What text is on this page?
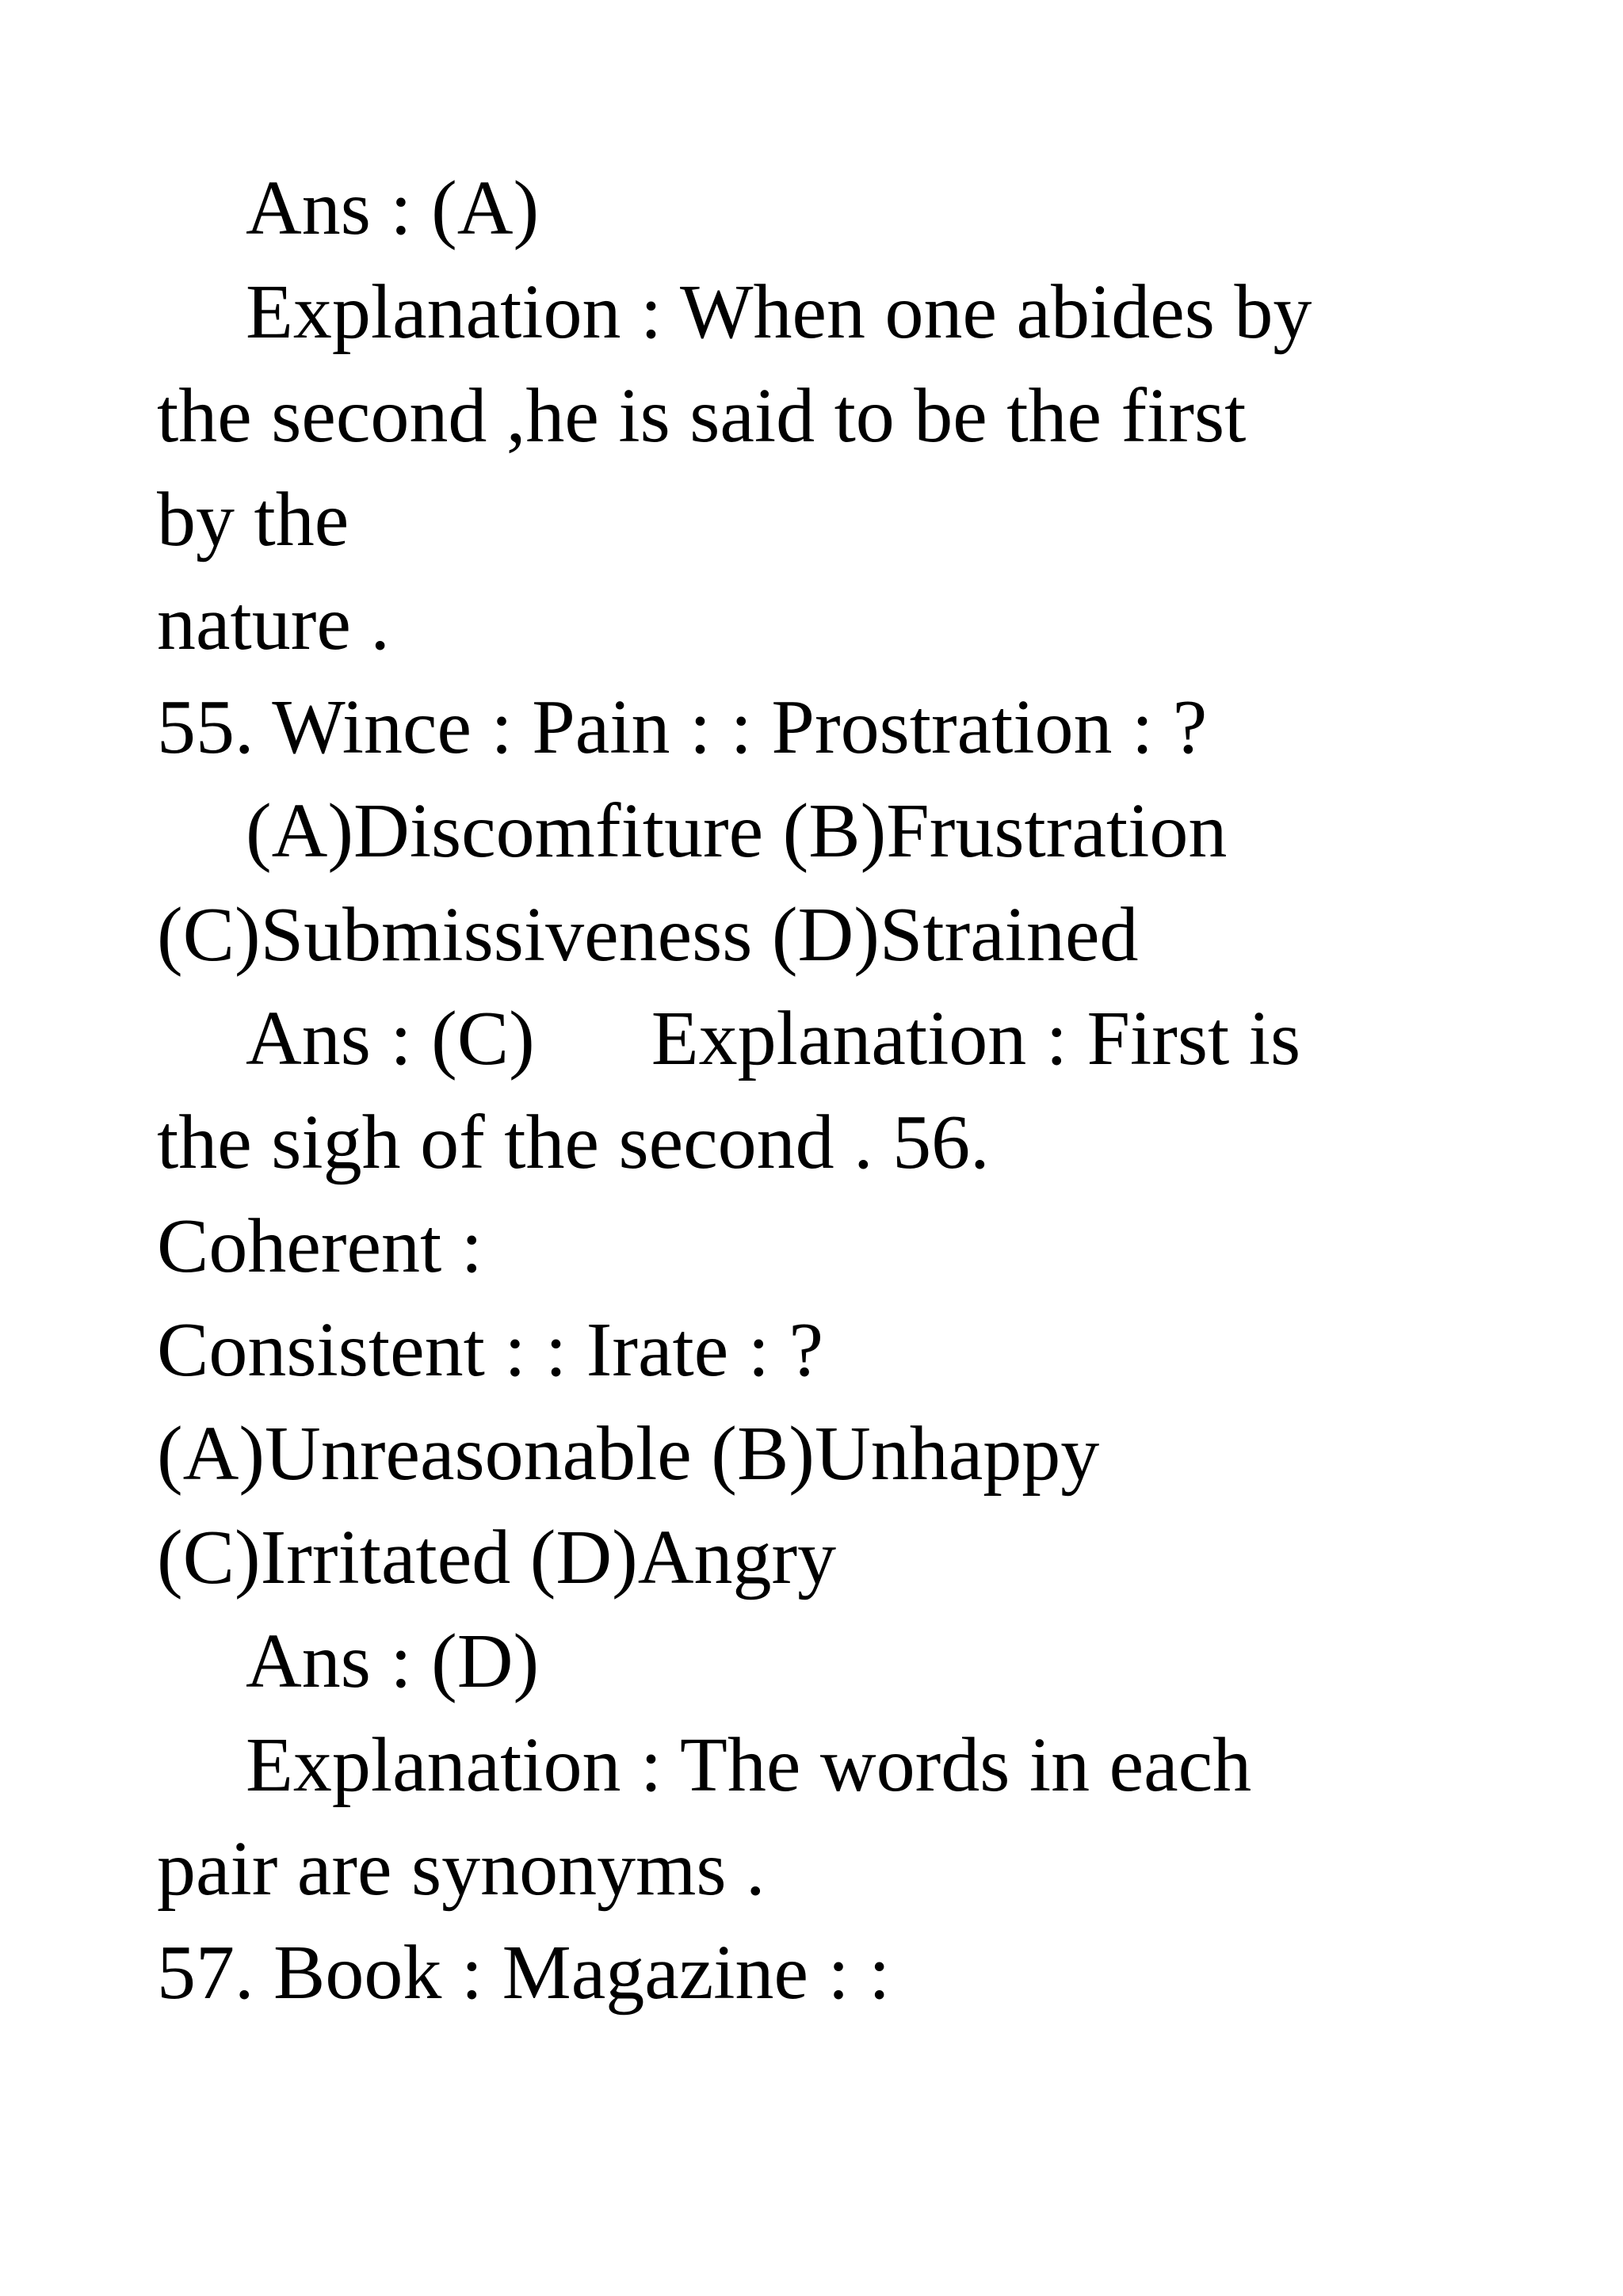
Ans : (A)

Explanation : When one abides by

the second ,he is said to be the first

by the

nature .

55. Wince : Pain : : Prostration : ?

(A)Discomfiture (B)Frustration

(C)Submissiveness (D)Strained

Ans : (C)      Explanation : First is

the sigh of the second . 56.

Coherent :

Consistent : : Irate : ?

(A)Unreasonable (B)Unhappy

(C)Irritated (D)Angry

Ans : (D)

Explanation : The words in each

pair are synonyms .

57. Book : Magazine : :
